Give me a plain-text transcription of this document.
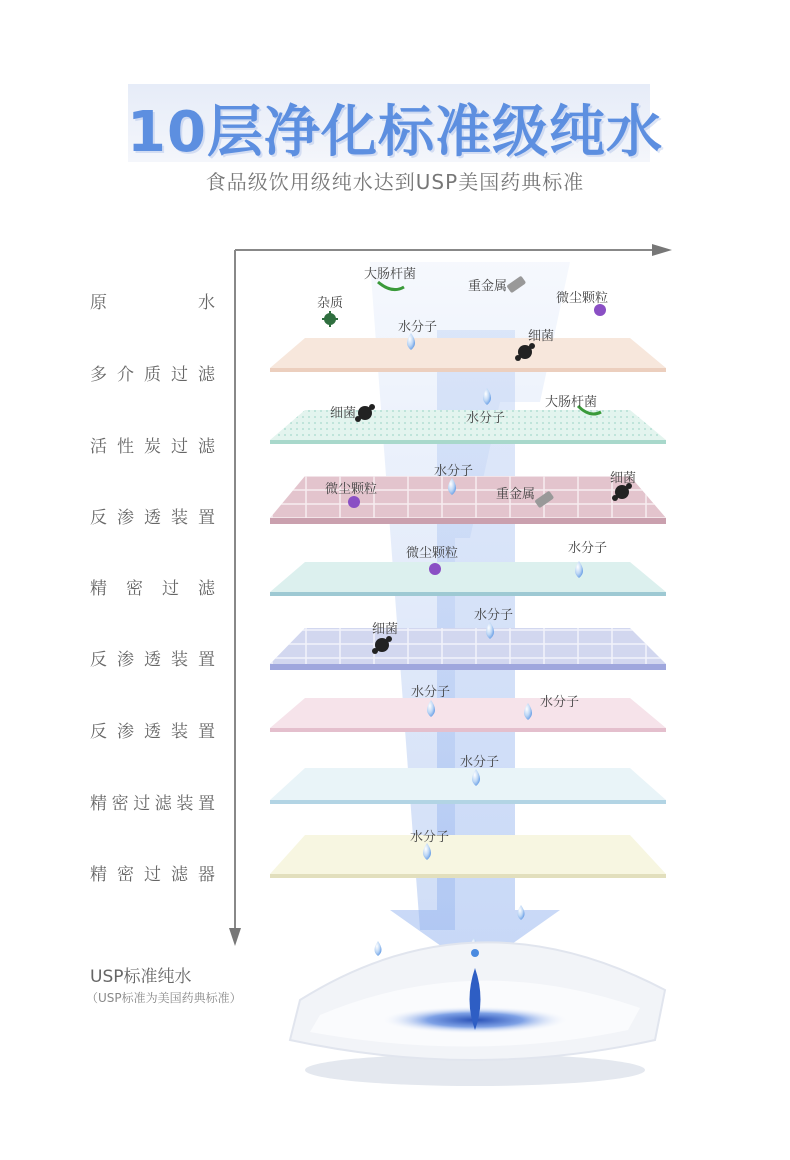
10层净化标准级纯水
食品级饮用级纯水达到USP美国药典标准
原　　水
多介质过滤
活性炭过滤
反渗透装置
精 密 过 滤
反渗透装置
反渗透装置
精密过滤装置
精密过滤器
USP标准纯水
（USP标准为美国药典标准）
大肠杆菌
重金属
微尘颗粒
杂质
水分子
细菌
细菌
大肠杆菌
水分子
微尘颗粒
水分子
重金属
细菌
微尘颗粒	水分子
水分子
细菌
水分子
水分子
水分子
水分子
